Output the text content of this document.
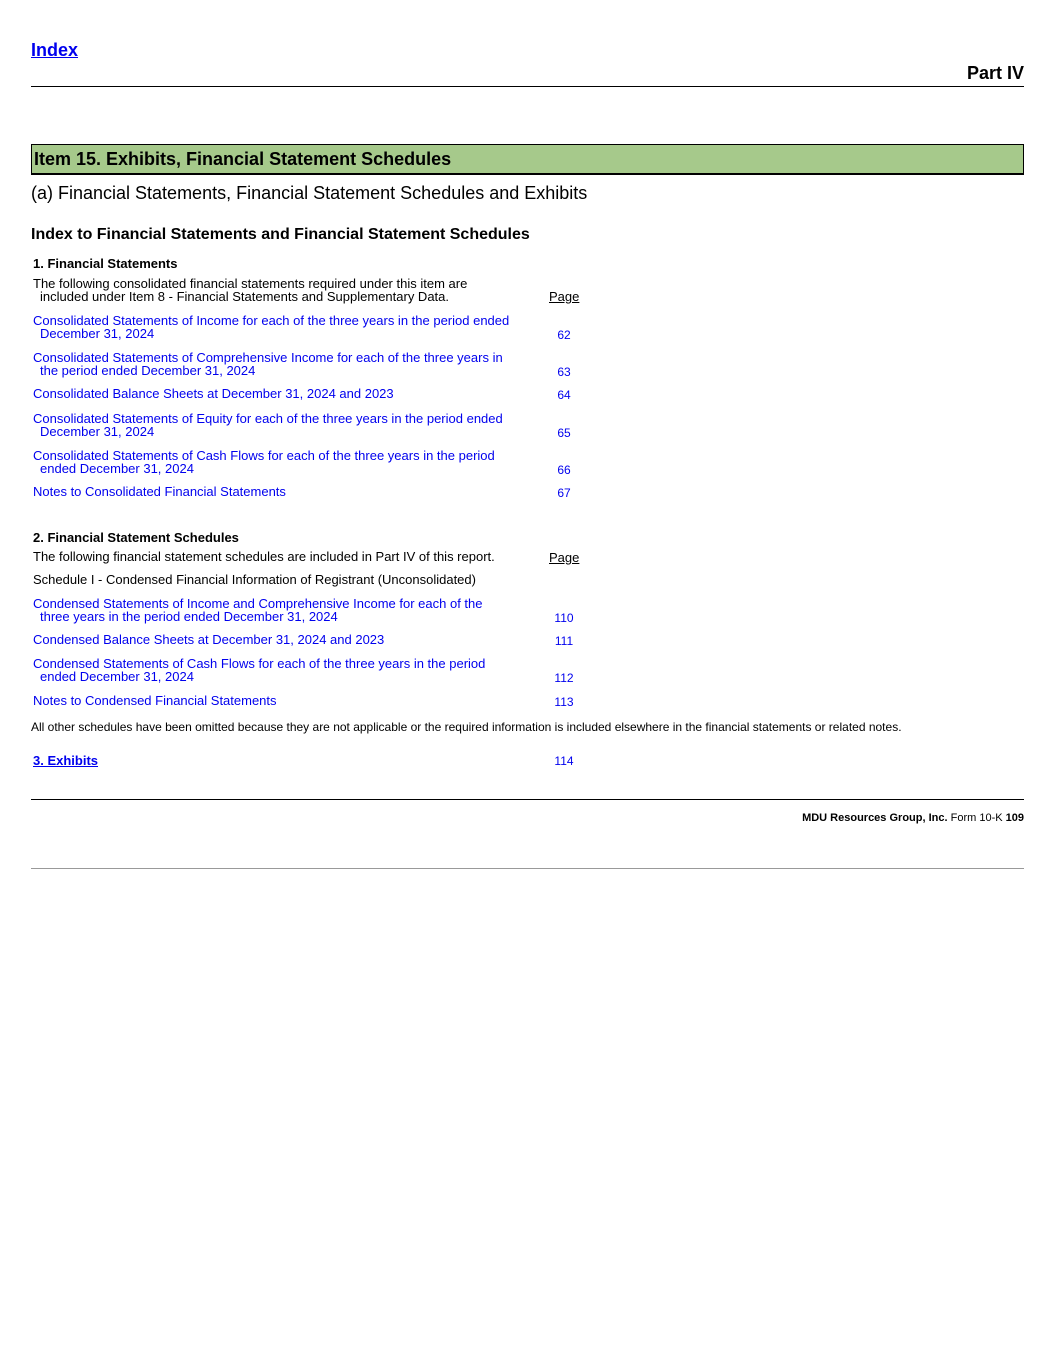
Index
Part IV
Item 15. Exhibits, Financial Statement Schedules
(a) Financial Statements, Financial Statement Schedules and Exhibits
Index to Financial Statements and Financial Statement Schedules
1. Financial Statements
The following consolidated financial statements required under this item are
included under Item 8 - Financial Statements and Supplementary Data.	Page
Consolidated Statements of Income for each of the three years in the period ended
December 31, 2024	62
Consolidated Statements of Comprehensive Income for each of the three years in
the period ended December 31, 2024	63
Consolidated Balance Sheets at December 31, 2024 and 2023	64
Consolidated Statements of Equity for each of the three years in the period ended
December 31, 2024	65
Consolidated Statements of Cash Flows for each of the three years in the period
ended December 31, 2024	66
Notes to Consolidated Financial Statements	67
2. Financial Statement Schedules
The following financial statement schedules are included in Part IV of this report.	Page
Schedule I - Condensed Financial Information of Registrant (Unconsolidated)
Condensed Statements of Income and Comprehensive Income for each of the
three years in the period ended December 31, 2024	110
Condensed Balance Sheets at December 31, 2024 and 2023	111
Condensed Statements of Cash Flows for each of the three years in the period
ended December 31, 2024	112
Notes to Condensed Financial Statements	113
All other schedules have been omitted because they are not applicable or the required information is included elsewhere in the financial statements or related notes.
3. Exhibits	114
MDU Resources Group, Inc. Form 10-K 109
